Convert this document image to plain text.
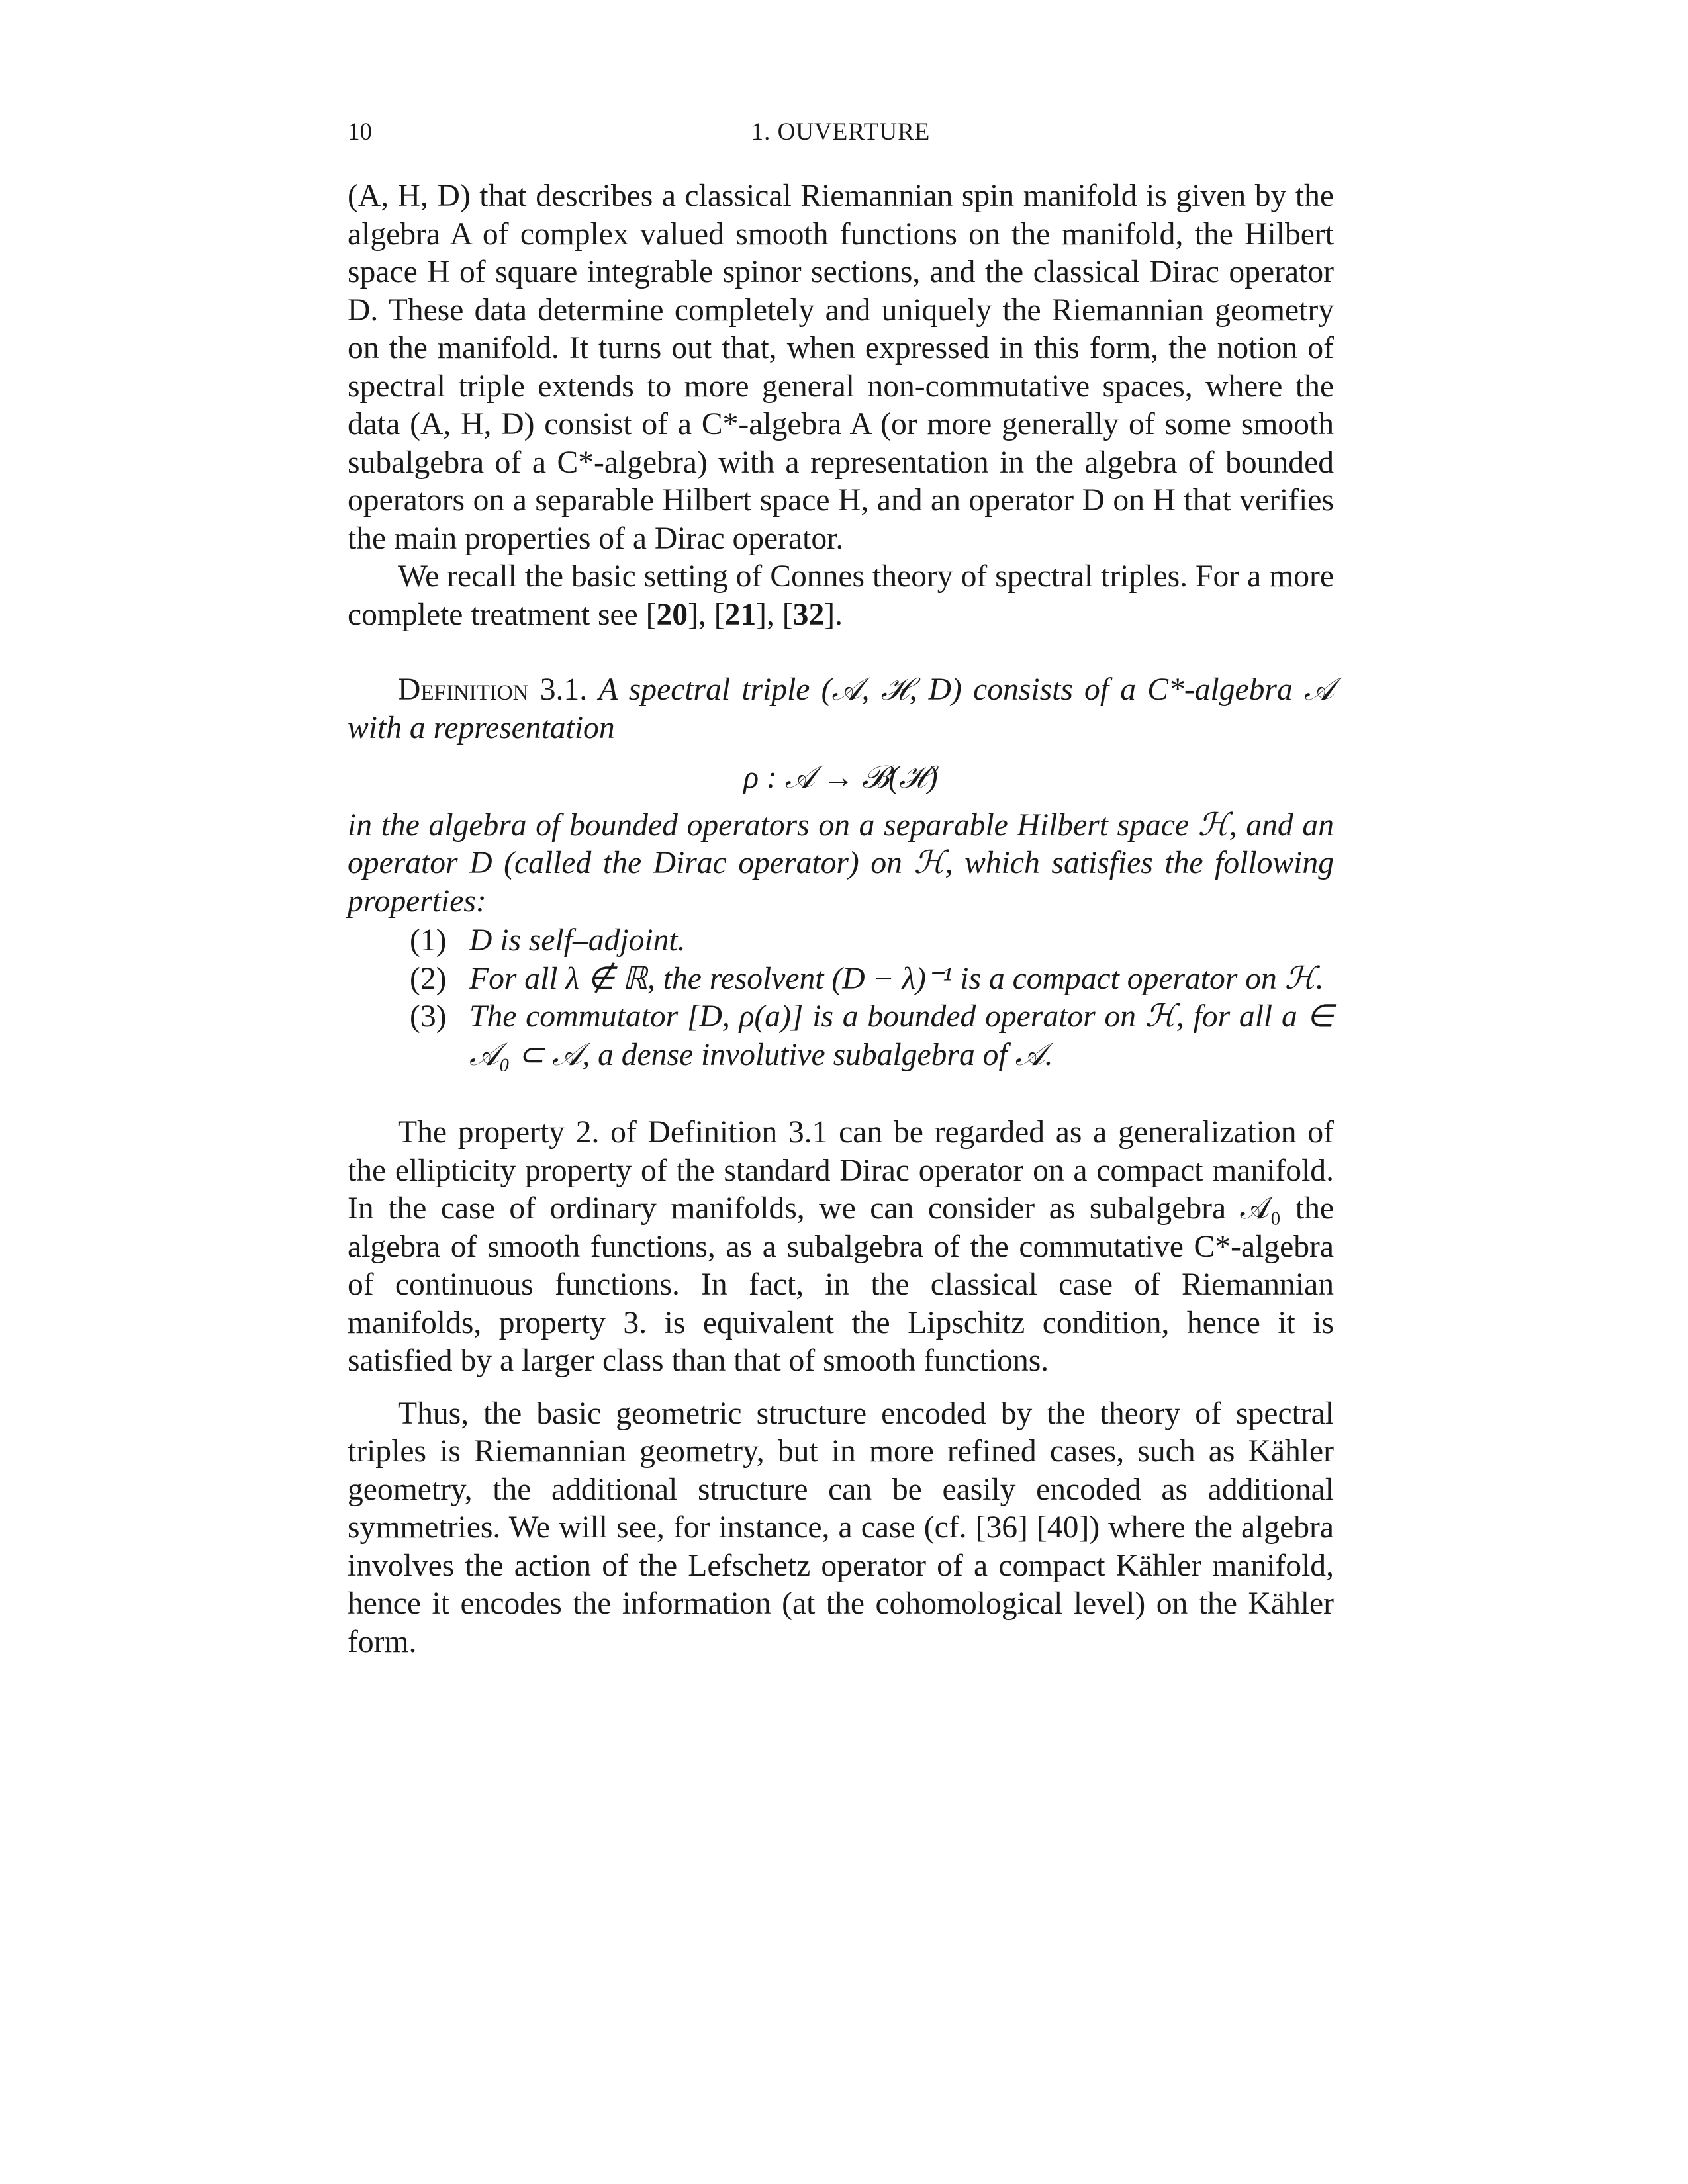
10	1. OUVERTURE

(A, H, D) that describes a classical Riemannian spin manifold is given by the algebra A of complex valued smooth functions on the manifold, the Hilbert space H of square integrable spinor sections, and the classical Dirac operator D. These data determine completely and uniquely the Riemannian geometry on the manifold. It turns out that, when expressed in this form, the notion of spectral triple extends to more general non-commutative spaces, where the data (A, H, D) consist of a C*-algebra A (or more generally of some smooth subalgebra of a C*-algebra) with a representation in the algebra of bounded operators on a separable Hilbert space H, and an operator D on H that verifies the main properties of a Dirac operator.

We recall the basic setting of Connes theory of spectral triples. For a more complete treatment see [20], [21], [32].

Definition 3.1. A spectral triple (𝒜, ℋ, D) consists of a C*-algebra 𝒜 with a representation

ρ : 𝒜 → ℬ(ℋ)

in the algebra of bounded operators on a separable Hilbert space ℋ, and an operator D (called the Dirac operator) on ℋ, which satisfies the following properties:

(1) D is self–adjoint.
(2) For all λ ∉ ℝ, the resolvent (D − λ)⁻¹ is a compact operator on ℋ.
(3) The commutator [D, ρ(a)] is a bounded operator on ℋ, for all a ∈ 𝒜₀ ⊂ 𝒜, a dense involutive subalgebra of 𝒜.

The property 2. of Definition 3.1 can be regarded as a generalization of the ellipticity property of the standard Dirac operator on a compact manifold. In the case of ordinary manifolds, we can consider as subalgebra 𝒜₀ the algebra of smooth functions, as a subalgebra of the commutative C*-algebra of continuous functions. In fact, in the classical case of Riemannian manifolds, property 3. is equivalent the Lipschitz condition, hence it is satisfied by a larger class than that of smooth functions.

Thus, the basic geometric structure encoded by the theory of spectral triples is Riemannian geometry, but in more refined cases, such as Kähler geometry, the additional structure can be easily encoded as additional symmetries. We will see, for instance, a case (cf. [36] [40]) where the algebra involves the action of the Lefschetz operator of a compact Kähler manifold, hence it encodes the information (at the cohomological level) on the Kähler form.
